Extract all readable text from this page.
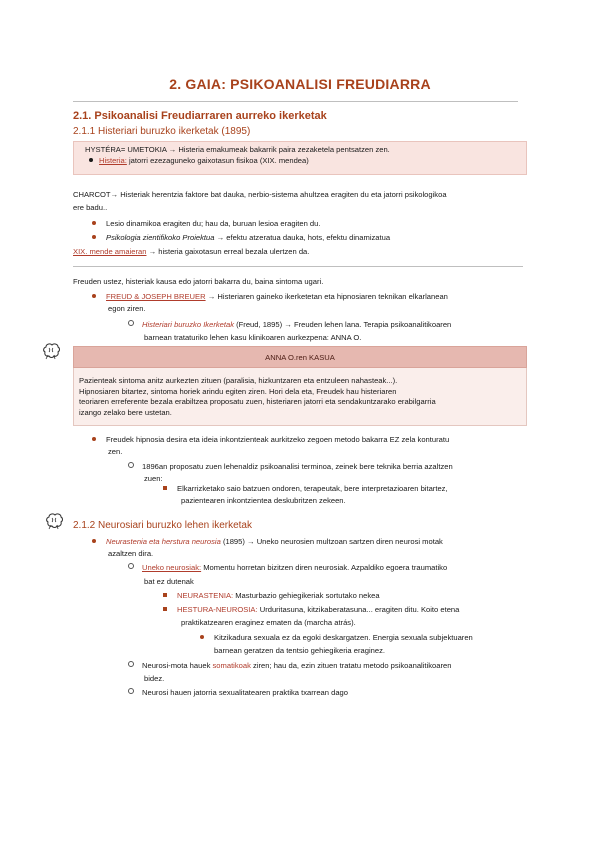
2. GAIA: PSIKOANALISI FREUDIARRA
2.1. Psikoanalisi Freudiarraren aurreko ikerketak
2.1.1 Histeriari buruzko ikerketak (1895)
HYSTÉRA= UMETOKIA → Histeria emakumeak bakarrik paira zezaketela pentsatzen zen.
Histeria: jatorri ezezaguneko gaixotasun fisikoa (XIX. mendea)
CHARCOT→ Histeriak herentzia faktore bat dauka, nerbio-sistema ahultzea eragiten du eta jatorri psikologikoa
ere badu..
Lesio dinamikoa eragiten du; hau da, buruan lesioa eragiten du.
Psikologia zientifikoko Proiektua → efektu atzeratua dauka, hots, efektu dinamizatua
XIX. mende amaieran → histeria gaixotasun erreal bezala ulertzen da.
Freuden ustez, histeriak kausa edo jatorri bakarra du, baina sintoma ugari.
FREUD & JOSEPH BREUER → Histeriaren gaineko ikerketetan eta hipnosiaren teknikan elkarlanean
egon ziren.
Histeriari buruzko Ikerketak (Freud, 1895) → Freuden lehen lana. Terapia psikoanalitikoaren
barnean trataturiko lehen kasu klinikoaren aurkezpena: ANNA O.
ANNA O.ren KASUA
Pazienteak sintoma anitz aurkezten zituen (paralisia, hizkuntzaren eta entzuleen nahasteak...).
Hipnosiaren bitartez, sintoma horiek arindu egiten ziren. Hori dela eta, Freudek hau histeriaren
teoriaren erreferente bezala erabiltzea proposatu zuen, histeriaren jatorri eta sendakuntzarako erabilgarria
izango zelako bere ustetan.
Freudek hipnosia desira eta ideia inkontzienteak aurkitzeko zegoen metodo bakarra EZ zela konturatu
zen.
1896an proposatu zuen lehenaldiz psikoanalisi terminoa, zeinek bere teknika berria azaltzen
zuen:
Elkarrizketako saio batzuen ondoren, terapeutak, bere interpretazioaren bitartez,
pazientearen inkontzientea deskubritzen zekeen.
2.1.2 Neurosiari buruzko lehen ikerketak
Neurastenia eta herstura neurosia (1895) → Uneko neurosien multzoan sartzen diren neurosi motak
azaltzen dira.
Uneko neurosiak: Momentu horretan bizitzen diren neurosiak. Azpaldiko egoera traumatiko
bat ez dutenak
NEURASTENIA: Masturbazio gehiegikeriak sortutako nekea
HESTURA-NEUROSIA: Urduritasuna, kitzikaberatasuna... eragiten ditu. Koito etena
praktikatzearen eraginez ematen da (marcha atrás).
Kitzikadura sexuala ez da egoki deskargatzen. Energia sexuala subjektuaren
barnean geratzen da tentsio gehiegikeria eraginez.
Neurosi-mota hauek somatikoak ziren; hau da, ezin zituen tratatu metodo psikoanalitikoaren
bidez.
Neurosi hauen jatorria sexualitatearen praktika txarrean dago
